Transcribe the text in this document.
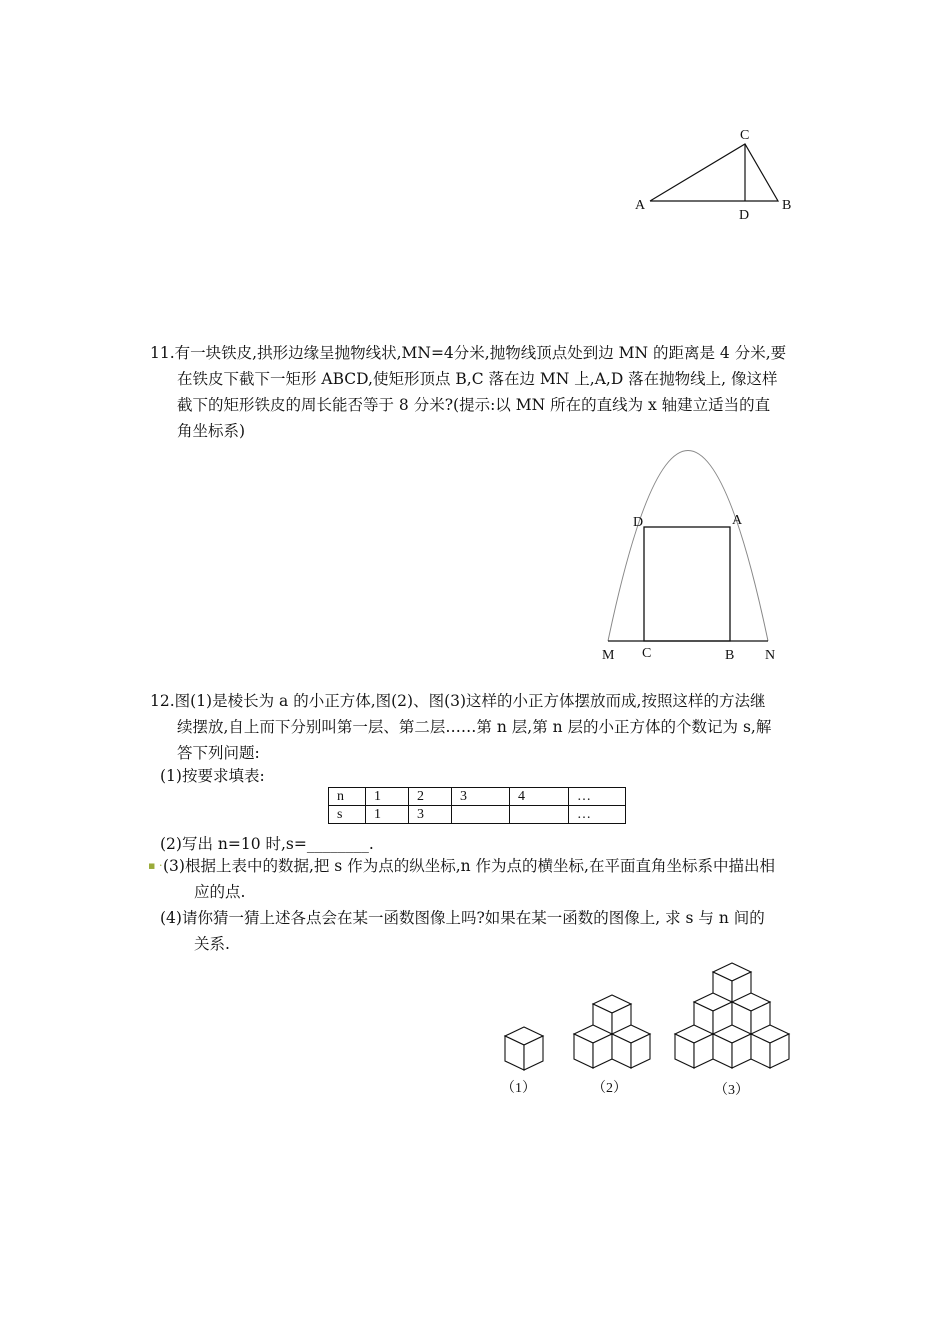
C
A
D
B
11.有一块铁皮,拱形边缘呈抛物线状,MN=4分米,抛物线顶点处到边 MN 的距离是 4 分米,要
在铁皮下截下一矩形 ABCD,使矩形顶点 B,C 落在边 MN 上,A,D 落在抛物线上, 像这样
截下的矩形铁皮的周长能否等于 8 分米?(提示:以 MN 所在的直线为 x 轴建立适当的直
角坐标系)
D	A
M C	B N
12.图(1)是棱长为 a 的小正方体,图(2)、图(3)这样的小正方体摆放而成,按照这样的方法继
续摆放,自上而下分别叫第一层、第二层……第 n 层,第 n 层的小正方体的个数记为 s,解
答下列问题:
(1)按要求填表:
n	1	2	3	4	…
s	1	3			…
(2)写出 n=10 时,s=________.
▪ · (3)根据上表中的数据,把 s 作为点的纵坐标,n 作为点的横坐标,在平面直角坐标系中描出相
应的点.
(4)请你猜一猜上述各点会在某一函数图像上吗?如果在某一函数的图像上, 求 s 与 n 间的
关系.
（1）	（2）	（3）
